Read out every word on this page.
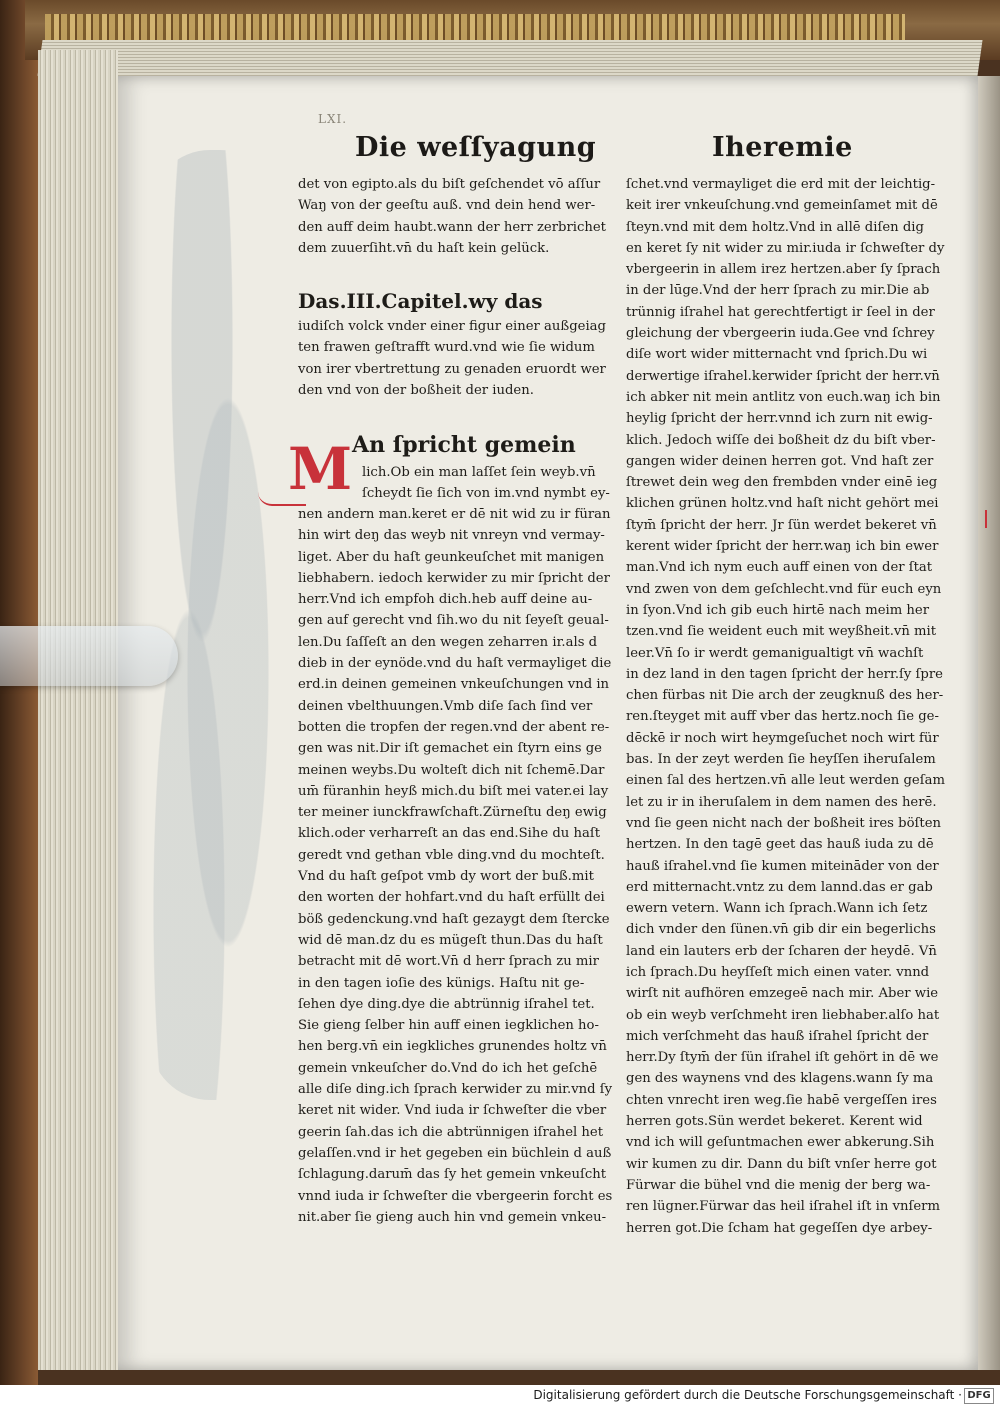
LXI.
Die weſſyagung	Iheremie
det von egipto.als du biſt geſchendet vō aſſur
Waŋ von der geeſtu auß. vnd dein hend wer‑
den auff deim haubt.wann der herr zerbrichet
dem zuuerſiht.vn̄ du haſt kein gelück.
Das.III.Capitel.wy das
iudiſch volck vnder einer figur einer außgeiag
ten frawen geſtrafft wurd.vnd wie ſie widum
von irer vbertrettung zu genaden eruordt wer
den vnd von der boßheit der iuden.
M An ſpricht gemein
lich.Ob ein man laſſet ſein weyb.vn̄
ſcheydt ſie ſich von im.vnd nymbt ey‑
nen andern man.keret er dē nit wid zu ir füran
hin wirt deŋ das weyb nit vnreyn vnd vermay‑
liget. Aber du haſt geunkeuſchet mit manigen
liebhabern. iedoch kerwider zu mir ſpricht der
herr.Vnd ich empfoh dich.heb auff deine au‑
gen auf gerecht vnd ſih.wo du nit ſeyeſt geual‑
len.Du ſaſſeſt an den wegen zeharren ir.als d
dieb in der eynöde.vnd du haſt vermayliget die
erd.in deinen gemeinen vnkeuſchungen vnd in
deinen vbelthuungen.Vmb diſe ſach ſind ver
botten die tropfen der regen.vnd der abent re‑
gen was nit.Dir iſt gemachet ein ſtyrn eins ge
meinen weybs.Du wolteſt dich nit ſchemē.Dar
um̄ füranhin heyß mich.du biſt mei vater.ei lay
ter meiner iunckfrawſchaft.Zürneſtu deŋ ewig
klich.oder verharreſt an das end.Sihe du haſt
geredt vnd gethan vble ding.vnd du mochteſt.
Vnd du haſt geſpot vmb dy wort der buß.mit
den worten der hohfart.vnd du haſt erfüllt dei
böß gedenckung.vnd haſt gezaygt dem ſtercke
wid dē man.dz du es mügeſt thun.Das du haſt
betracht mit dē wort.Vn̄ d herr ſprach zu mir
in den tagen ioſie des künigs. Haſtu nit ge‑
ſehen dye ding.dye die abtrünnig iſrahel tet.
Sie gieng ſelber hin auff einen iegklichen ho‑
hen berg.vn̄ ein iegkliches grunendes holtz vn̄
gemein vnkeuſcher do.Vnd do ich het geſchē
alle diſe ding.ich ſprach kerwider zu mir.vnd ſy
keret nit wider. Vnd iuda ir ſchweſter die vber
geerin ſah.das ich die abtrünnigen iſrahel het
gelaſſen.vnd ir het gegeben ein büchlein d auß
ſchlagung.darum̄ das ſy het gemein vnkeuſcht
vnnd iuda ir ſchweſter die vbergeerin forcht es
nit.aber ſie gieng auch hin vnd gemein vnkeu‑
ſchet.vnd vermayliget die erd mit der leichtig‑
keit irer vnkeuſchung.vnd gemeinſamet mit dē
ſteyn.vnd mit dem holtz.Vnd in allē diſen dig
en keret ſy nit wider zu mir.iuda ir ſchweſter dy
vbergeerin in allem irez hertzen.aber ſy ſprach
in der lūge.Vnd der herr ſprach zu mir.Die ab
trünnig iſrahel hat gerechtfertigt ir ſeel in der
gleichung der vbergeerin iuda.Gee vnd ſchrey
diſe wort wider mitternacht vnd ſprich.Du wi
derwertige iſrahel.kerwider ſpricht der herr.vn̄
ich abker nit mein antlitz von euch.waŋ ich bin
heylig ſpricht der herr.vnnd ich zurn nit ewig‑
klich. Jedoch wiſſe dei boßheit dz du biſt vber‑
gangen wider deinen herren got. Vnd haſt zer
ſtrewet dein weg den frembden vnder einē ieg
klichen grünen holtz.vnd haſt nicht gehört mei
ſtym̄ ſpricht der herr. Jr ſün werdet bekeret vn̄
kerent wider ſpricht der herr.waŋ ich bin ewer
man.Vnd ich nym euch auff einen von der ſtat
vnd zwen von dem geſchlecht.vnd für euch eyn
in ſyon.Vnd ich gib euch hirtē nach meim her
tzen.vnd ſie weident euch mit weyßheit.vn̄ mit
leer.Vn̄ ſo ir werdt gemanigualtigt vn̄ wachſt
in dez land in den tagen ſpricht der herr.ſy ſpre
chen fürbas nit Die arch der zeugknuß des her‑
ren.ſteyget mit auff vber das hertz.noch ſie ge‑
dēckē ir noch wirt heymgeſuchet noch wirt für
bas. In der zeyt werden ſie heyſſen iheruſalem
einen ſal des hertzen.vn̄ alle leut werden geſam
let zu ir in iheruſalem in dem namen des herē.
vnd ſie geen nicht nach der boßheit ires böſten
hertzen. In den tagē geet das hauß iuda zu dē
hauß iſrahel.vnd ſie kumen miteināder von der
erd mitternacht.vntz zu dem lannd.das er gab
ewern vetern. Wann ich ſprach.Wann ich ſetz
dich vnder den ſünen.vn̄ gib dir ein begerlichs
land ein lauters erb der ſcharen der heydē. Vn̄
ich ſprach.Du heyſſeſt mich einen vater. vnnd
wirſt nit aufhören emzegeē nach mir. Aber wie
ob ein weyb verſchmeht iren liebhaber.alſo hat
mich verſchmeht das hauß iſrahel ſpricht der
herr.Dy ſtym̄ der ſün iſrahel iſt gehört in dē we
gen des waynens vnd des klagens.wann ſy ma
chten vnrecht iren weg.ſie habē vergeſſen ires
herren gots.Sün werdet bekeret. Kerent wid
vnd ich will geſuntmachen ewer abkerung.Sih
wir kumen zu dir. Dann du biſt vnſer herre got
Fürwar die bühel vnd die menig der berg wa‑
ren lügner.Fürwar das heil iſrahel iſt in vnſerm
herren got.Die ſcham hat gegeſſen dye arbey‑
Digitalisierung gefördert durch die Deutsche Forschungsgemeinschaft · DFG
